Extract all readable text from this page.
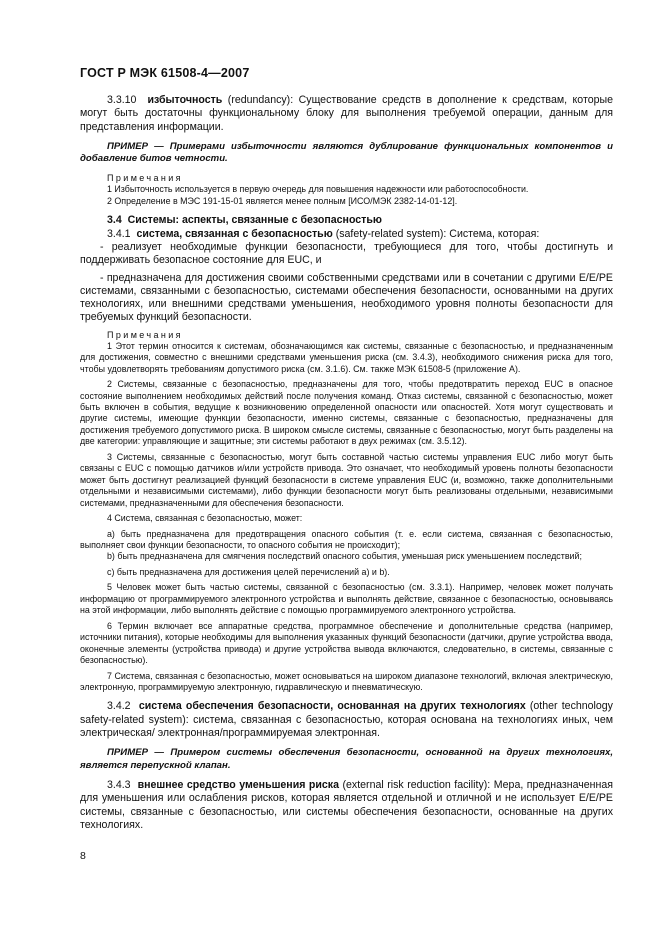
ГОСТ Р МЭК 61508-4—2007

3.3.10 избыточность (redundancy): Существование средств в дополнение к средствам, которые могут быть достаточны функциональному блоку для выполнения требуемой операции, данным для представления информации.

ПРИМЕР — Примерами избыточности являются дублирование функциональных компонентов и добавление битов четности.

Примечания

1 Избыточность используется в первую очередь для повышения надежности или работоспособности.

2 Определение в МЭС 191-15-01 является менее полным [ИСО/МЭК 2382-14-01-12].

3.4 Системы: аспекты, связанные с безопасностью

3.4.1 система, связанная с безопасностью (safety-related system): Система, которая:

- реализует необходимые функции безопасности, требующиеся для того, чтобы достигнуть и поддерживать безопасное состояние для EUC, и

- предназначена для достижения своими собственными средствами или в сочетании с другими E/E/PE системами, связанными с безопасностью, системами обеспечения безопасности, основанными на других технологиях, или внешними средствами уменьшения, необходимого уровня полноты безопасности для требуемых функций безопасности.

Примечания

1 Этот термин относится к системам, обозначающимся как системы, связанные с безопасностью, и предназначенным для достижения, совместно с внешними средствами уменьшения риска (см. 3.4.3), необходимого снижения риска для того, чтобы удовлетворять требованиям допустимого риска (см. 3.1.6). См. также МЭК 61508-5 (приложение А).

2 Системы, связанные с безопасностью, предназначены для того, чтобы предотвратить переход EUC в опасное состояние выполнением необходимых действий после получения команд. Отказ системы, связанной с безопасностью, может быть включен в события, ведущие к возникновению определенной опасности или опасностей. Хотя могут существовать и другие системы, имеющие функции безопасности, именно системы, связанные с безопасностью, предназначены для достижения требуемого допустимого риска. В широком смысле системы, связанные с безопасностью, могут быть разделены на две категории: управляющие и защитные; эти системы работают в двух режимах (см. 3.5.12).

3 Системы, связанные с безопасностью, могут быть составной частью системы управления EUC либо могут быть связаны с EUC с помощью датчиков и/или устройств привода. Это означает, что необходимый уровень полноты безопасности может быть достигнут реализацией функций безопасности в системе управления EUC (и, возможно, также дополнительными отдельными и независимыми системами), либо функции безопасности могут быть реализованы отдельными, независимыми системами, предназначенными для обеспечения безопасности.

4 Система, связанная с безопасностью, может:

а) быть предназначена для предотвращения опасного события (т. е. если система, связанная с безопасностью, выполняет свои функции безопасности, то опасного события не происходит);

b) быть предназначена для смягчения последствий опасного события, уменьшая риск уменьшением последствий;

с) быть предназначена для достижения целей перечислений а) и b).

5 Человек может быть частью системы, связанной с безопасностью (см. 3.3.1). Например, человек может получать информацию от программируемого электронного устройства и выполнять действие, связанное с безопасностью, основываясь на этой информации, либо выполнять действие с помощью программируемого электронного устройства.

6 Термин включает все аппаратные средства, программное обеспечение и дополнительные средства (например, источники питания), которые необходимы для выполнения указанных функций безопасности (датчики, другие устройства ввода, оконечные элементы (устройства привода) и другие устройства вывода включаются, следовательно, в системы, связанные с безопасностью).

7 Система, связанная с безопасностью, может основываться на широком диапазоне технологий, включая электрическую, электронную, программируемую электронную, гидравлическую и пневматическую.

3.4.2 система обеспечения безопасности, основанная на других технологиях (other technology safety-related system): система, связанная с безопасностью, которая основана на технологиях иных, чем электрическая/ электронная/программируемая электронная.

ПРИМЕР — Примером системы обеспечения безопасности, основанной на других технологиях, является перепускной клапан.

3.4.3 внешнее средство уменьшения риска (external risk reduction facility): Мера, предназначенная для уменьшения или ослабления рисков, которая является отдельной и отличной и не использует E/E/PE системы, связанные с безопасностью, или системы обеспечения безопасности, основанные на других технологиях.

8
